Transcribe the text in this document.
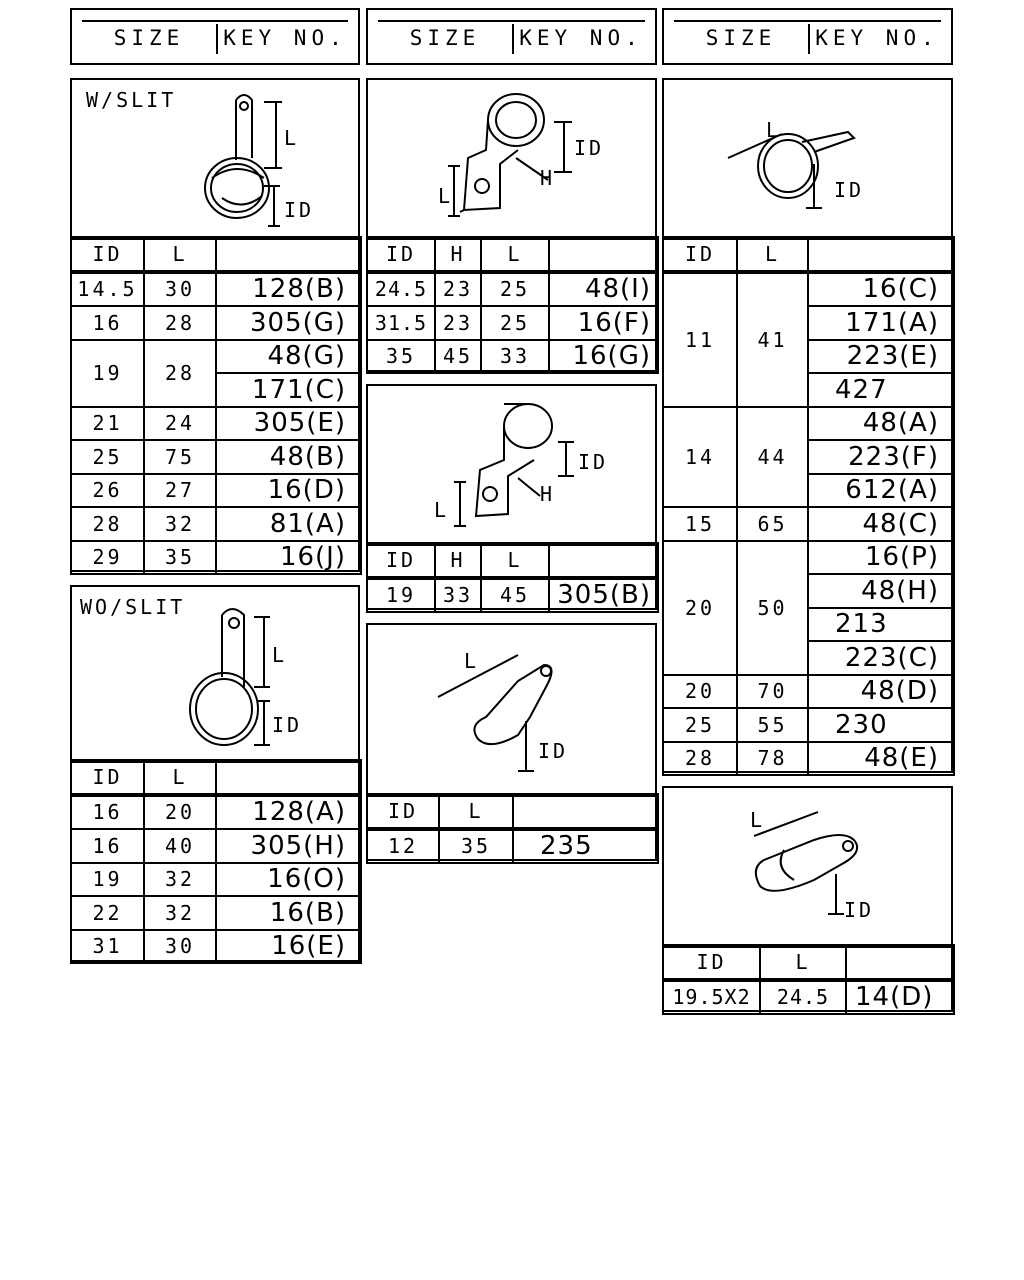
SIZE	KEY NO.	SIZE	KEY NO.	SIZE	KEY NO.
W/SLIT
L
ID
ID	L	
14.5	30	128(B)
16	28	305(G)
19	28	48(G)
		171(C)
21	24	305(E)
25	75	48(B)
26	27	16(D)
28	32	81(A)
29	35	16(J)
WO/SLIT
L
ID
ID	L	
16	20	128(A)
16	40	305(H)
19	32	16(O)
22	32	16(B)
31	30	16(E)
ID
H
L
ID	H	L	
24.5	23	25	48(I)
31.5	23	25	16(F)
35	45	33	16(G)
ID
H
L
ID	H	L	
19	33	45	305(B)
L
ID
ID	L	
12	35	235
L
ID
ID	L	
11	41	16(C)
		171(A)
		223(E)
		427
14	44	48(A)
		223(F)
		612(A)
15	65	48(C)
20	50	16(P)
		48(H)
		213
		223(C)
20	70	48(D)
25	55	230
28	78	48(E)
L
ID
ID	L	
19.5X2	24.5	14(D)
